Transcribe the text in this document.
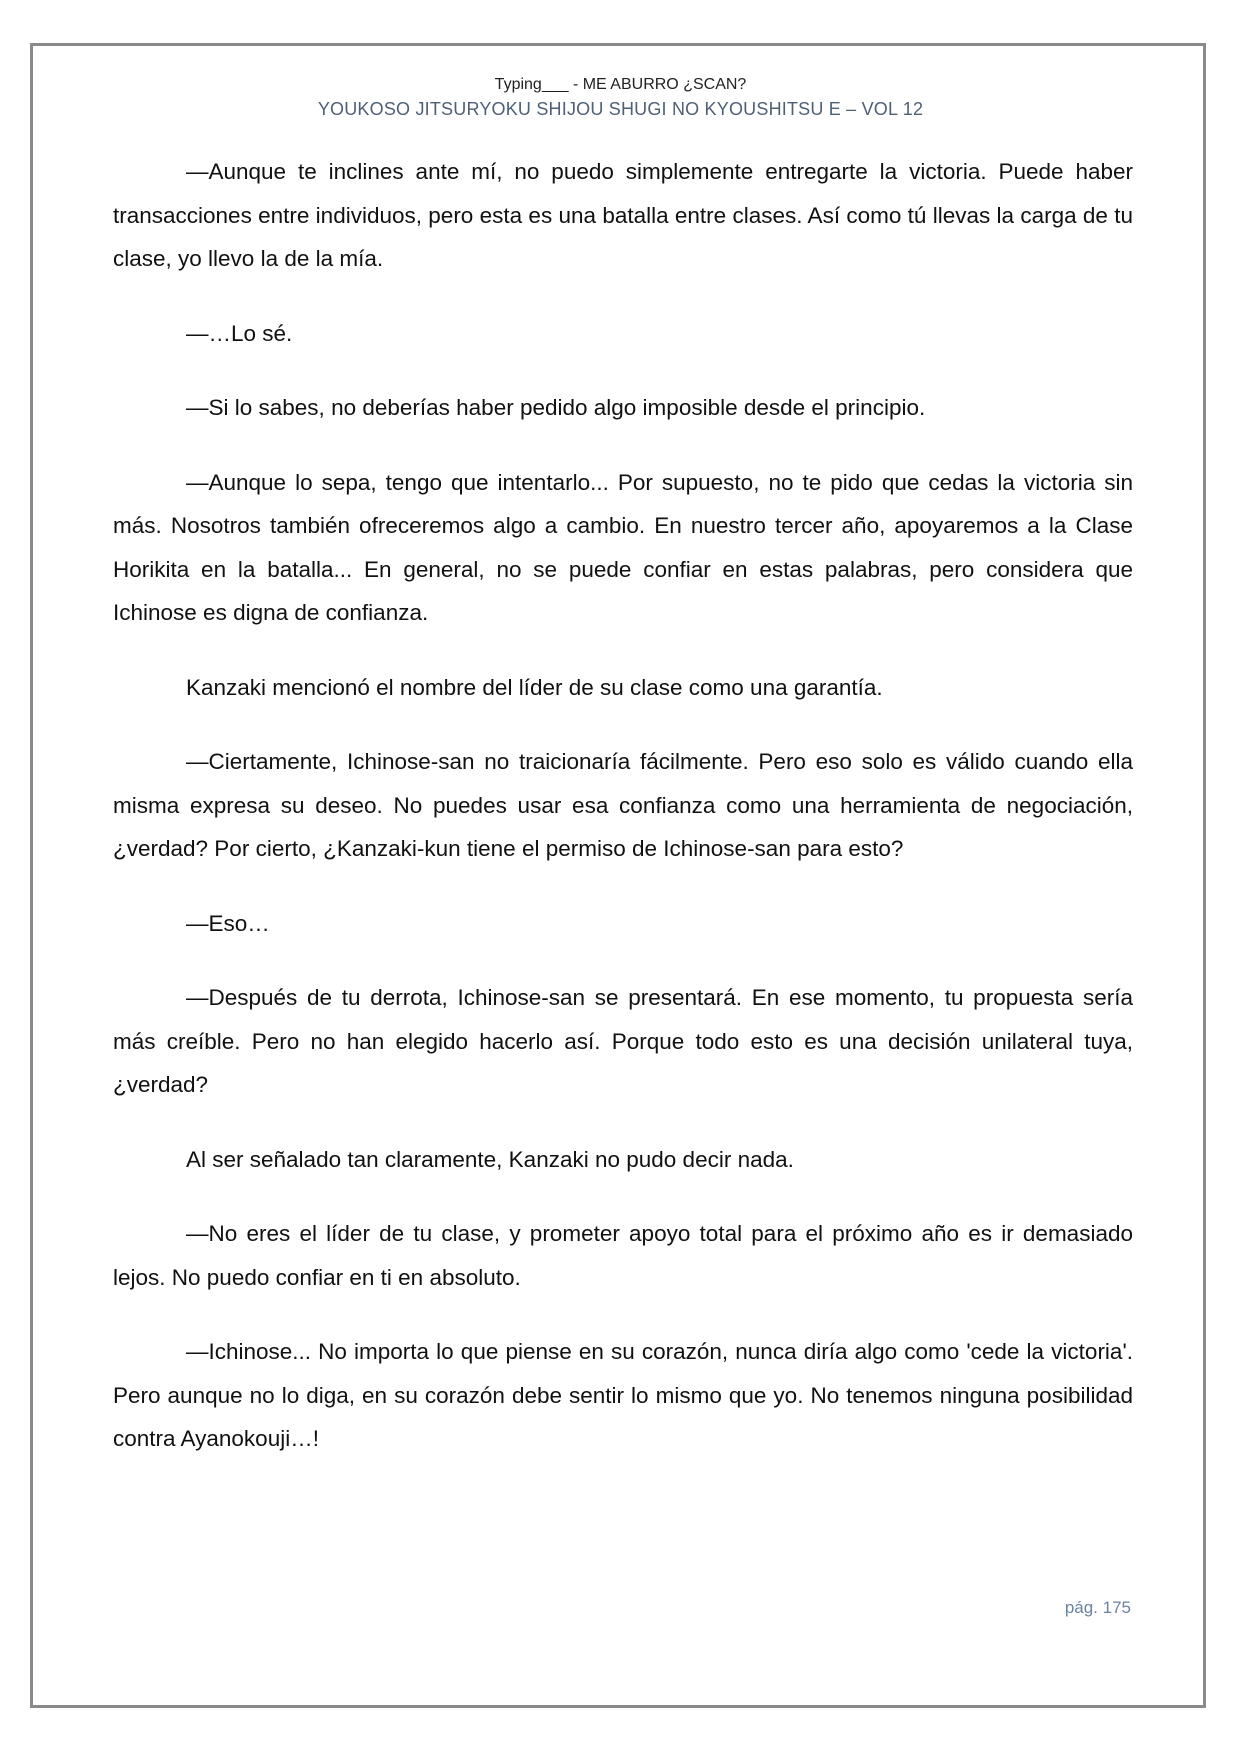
Typing___ - ME ABURRO ¿SCAN?
YOUKOSO JITSURYOKU SHIJOU SHUGI NO KYOUSHITSU E – VOL 12

—Aunque te inclines ante mí, no puedo simplemente entregarte la victoria. Puede haber transacciones entre individuos, pero esta es una batalla entre clases. Así como tú llevas la carga de tu clase, yo llevo la de la mía.

—…Lo sé.

—Si lo sabes, no deberías haber pedido algo imposible desde el principio.

—Aunque lo sepa, tengo que intentarlo... Por supuesto, no te pido que cedas la victoria sin más. Nosotros también ofreceremos algo a cambio. En nuestro tercer año, apoyaremos a la Clase Horikita en la batalla... En general, no se puede confiar en estas palabras, pero considera que Ichinose es digna de confianza.

Kanzaki mencionó el nombre del líder de su clase como una garantía.

—Ciertamente, Ichinose-san no traicionaría fácilmente. Pero eso solo es válido cuando ella misma expresa su deseo. No puedes usar esa confianza como una herramienta de negociación, ¿verdad? Por cierto, ¿Kanzaki-kun tiene el permiso de Ichinose-san para esto?

—Eso…

—Después de tu derrota, Ichinose-san se presentará. En ese momento, tu propuesta sería más creíble. Pero no han elegido hacerlo así. Porque todo esto es una decisión unilateral tuya, ¿verdad?

Al ser señalado tan claramente, Kanzaki no pudo decir nada.

—No eres el líder de tu clase, y prometer apoyo total para el próximo año es ir demasiado lejos. No puedo confiar en ti en absoluto.

—Ichinose... No importa lo que piense en su corazón, nunca diría algo como 'cede la victoria'. Pero aunque no lo diga, en su corazón debe sentir lo mismo que yo. No tenemos ninguna posibilidad contra Ayanokouji…!

pág. 175
